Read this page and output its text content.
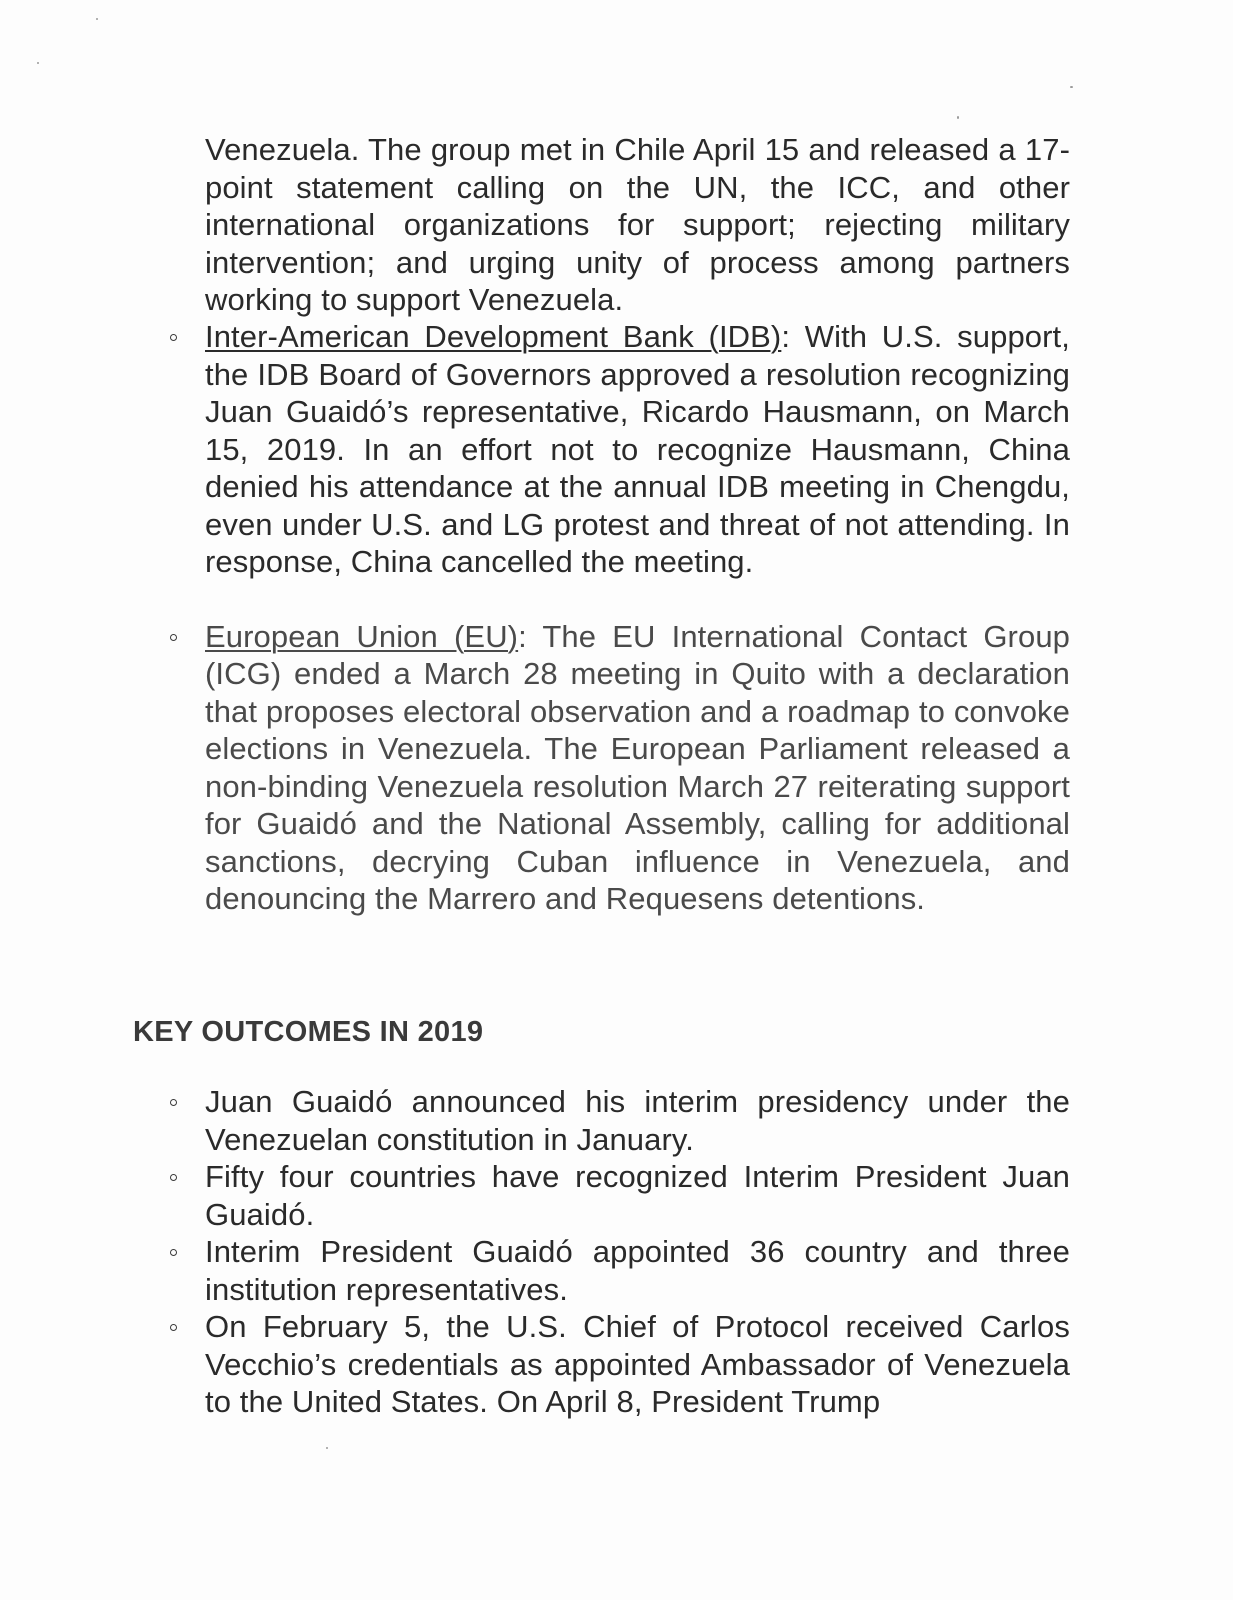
Venezuela. The group met in Chile April 15 and released a 17-point statement calling on the UN, the ICC, and other international organizations for support; rejecting military intervention; and urging unity of process among partners working to support Venezuela.

Inter-American Development Bank (IDB): With U.S. support, the IDB Board of Governors approved a resolution recognizing Juan Guaidó’s representative, Ricardo Hausmann, on March 15, 2019. In an effort not to recognize Hausmann, China denied his attendance at the annual IDB meeting in Chengdu, even under U.S. and LG protest and threat of not attending. In response, China cancelled the meeting.
European Union (EU): The EU International Contact Group (ICG) ended a March 28 meeting in Quito with a declaration that proposes electoral observation and a roadmap to convoke elections in Venezuela. The European Parliament released a non-binding Venezuela resolution March 27 reiterating support for Guaidó and the National Assembly, calling for additional sanctions, decrying Cuban influence in Venezuela, and denouncing the Marrero and Requesens detentions.
KEY OUTCOMES IN 2019
Juan Guaidó announced his interim presidency under the Venezuelan constitution in January.
Fifty four countries have recognized Interim President Juan Guaidó.
Interim President Guaidó appointed 36 country and three institution representatives.
On February 5, the U.S. Chief of Protocol received Carlos Vecchio’s credentials as appointed Ambassador of Venezuela to the United States. On April 8, President Trump
